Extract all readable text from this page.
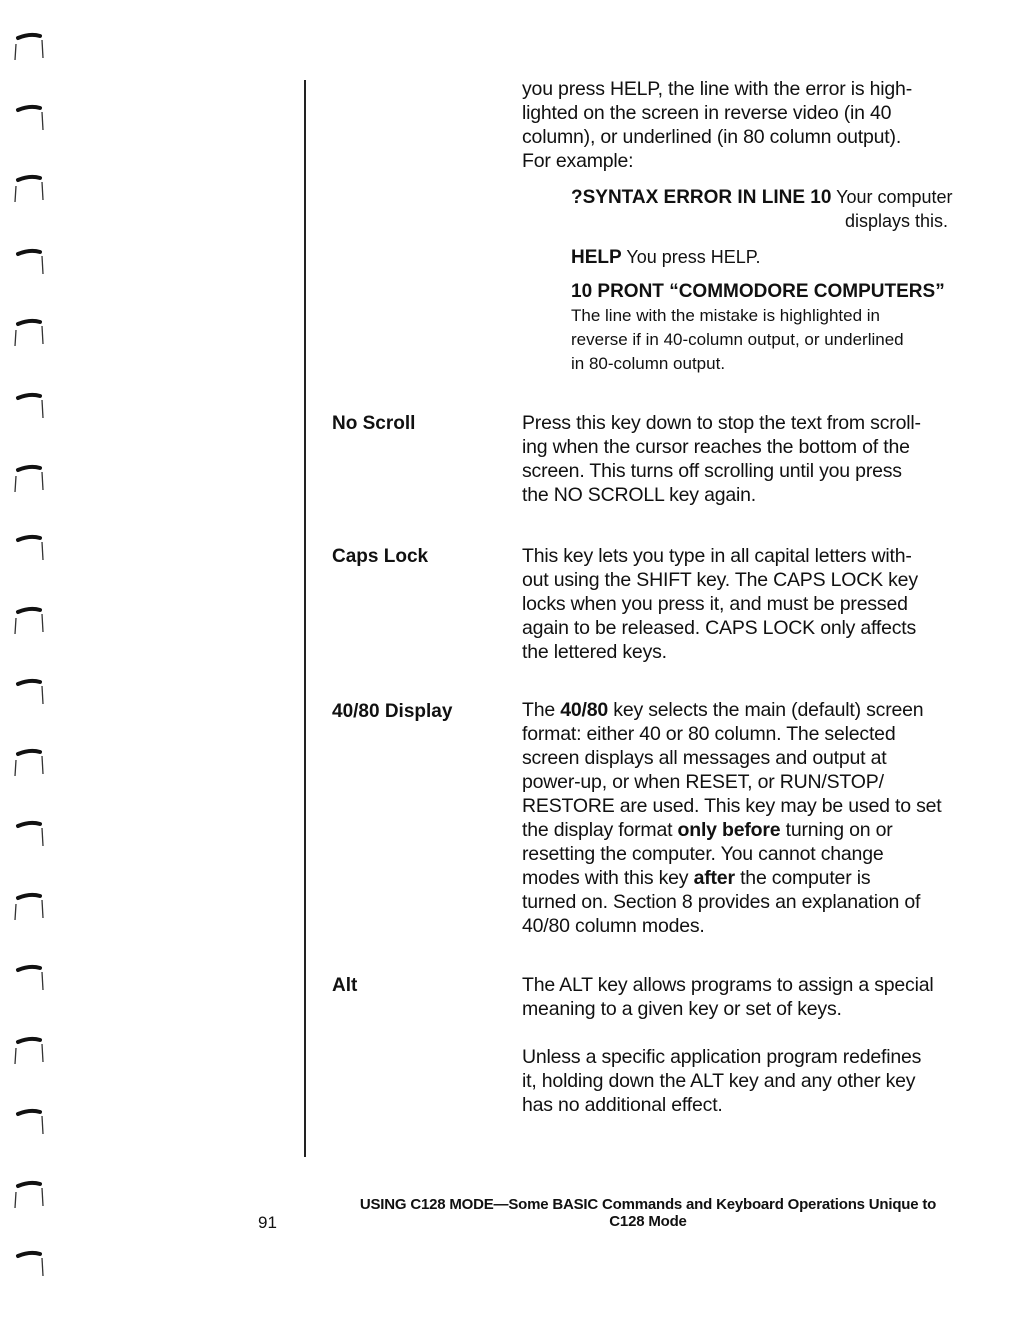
you press HELP, the line with the error is high-

lighted on the screen in reverse video (in 40

column), or underlined (in 80 column output).

For example:

?SYNTAX ERROR IN LINE 10 Your computer
displays this.
HELP You press HELP.
10 PRONT “COMMODORE COMPUTERS”
The line with the mistake is highlighted in
reverse if in 40-column output, or underlined
in 80-column output.
No Scroll	Press this key down to stop the text from scroll-

ing when the cursor reaches the bottom of the

screen. This turns off scrolling until you press

the NO SCROLL key again.

Caps Lock	This key lets you type in all capital letters with-

out using the SHIFT key. The CAPS LOCK key

locks when you press it, and must be pressed

again to be released. CAPS LOCK only affects

the lettered keys.

40/80 Display	The 40/80 key selects the main (default) screen

format: either 40 or 80 column. The selected

screen displays all messages and output at

power-up, or when RESET, or RUN/STOP/

RESTORE are used. This key may be used to set

the display format only before turning on or

resetting the computer. You cannot change

modes with this key after the computer is

turned on. Section 8 provides an explanation of

40/80 column modes.

Alt	The ALT key allows programs to assign a special

meaning to a given key or set of keys.

Unless a specific application program redefines

it, holding down the ALT key and any other key

has no additional effect.

USING C128 MODE—Some BASIC Commands and Keyboard Operations Unique to
C128 Mode
91
